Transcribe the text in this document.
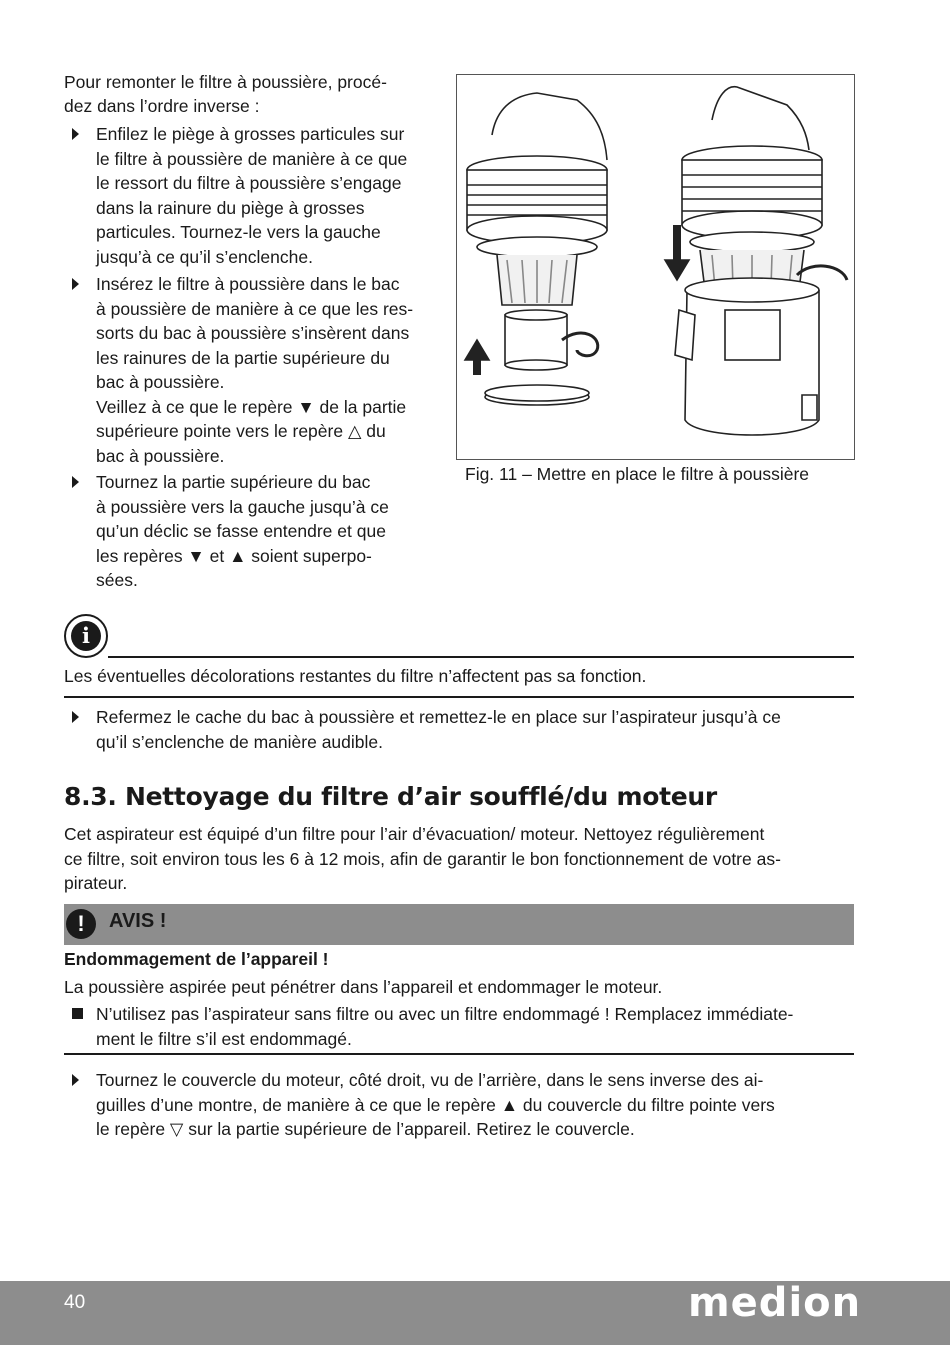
Pour remonter le filtre à poussière, procé-
dez dans l’ordre inverse :
Enfilez le piège à grosses particules sur
le filtre à poussière de manière à ce que
le ressort du filtre à poussière s’engage
dans la rainure du piège à grosses
particules. Tournez-le vers la gauche
jusqu’à ce qu’il s’enclenche.
Insérez le filtre à poussière dans le bac
à poussière de manière à ce que les res-
sorts du bac à poussière s’insèrent dans
les rainures de la partie supérieure du
bac à poussière.
Veillez à ce que le repère ▼ de la partie
supérieure pointe vers le repère △ du
bac à poussière.
Tournez la partie supérieure du bac
à poussière vers la gauche jusqu’à ce
qu’un déclic se fasse entendre et que
les repères ▼ et ▲ soient superpo-
sées.
Fig. 11 – Mettre en place le filtre à poussière
i
Les éventuelles décolorations restantes du filtre n’affectent pas sa fonction.
Refermez le cache du bac à poussière et remettez-le en place sur l’aspirateur jusqu’à ce
qu’il s’enclenche de manière audible.
8.3. Nettoyage du filtre d’air soufflé/du moteur
Cet aspirateur est équipé d’un filtre pour l’air d’évacuation/ moteur. Nettoyez régulièrement
ce filtre, soit environ tous les 6 à 12 mois, afin de garantir le bon fonctionnement de votre as-
pirateur.
!	AVIS !
Endommagement de l’appareil !
La poussière aspirée peut pénétrer dans l’appareil et endommager le moteur.
N’utilisez pas l’aspirateur sans filtre ou avec un filtre endommagé ! Remplacez immédiate-
ment le filtre s’il est endommagé.
Tournez le couvercle du moteur, côté droit, vu de l’arrière, dans le sens inverse des ai-
guilles d’une montre, de manière à ce que le repère ▲ du couvercle du filtre pointe vers
le repère ▽ sur la partie supérieure de l’appareil. Retirez le couvercle.
40	medion
